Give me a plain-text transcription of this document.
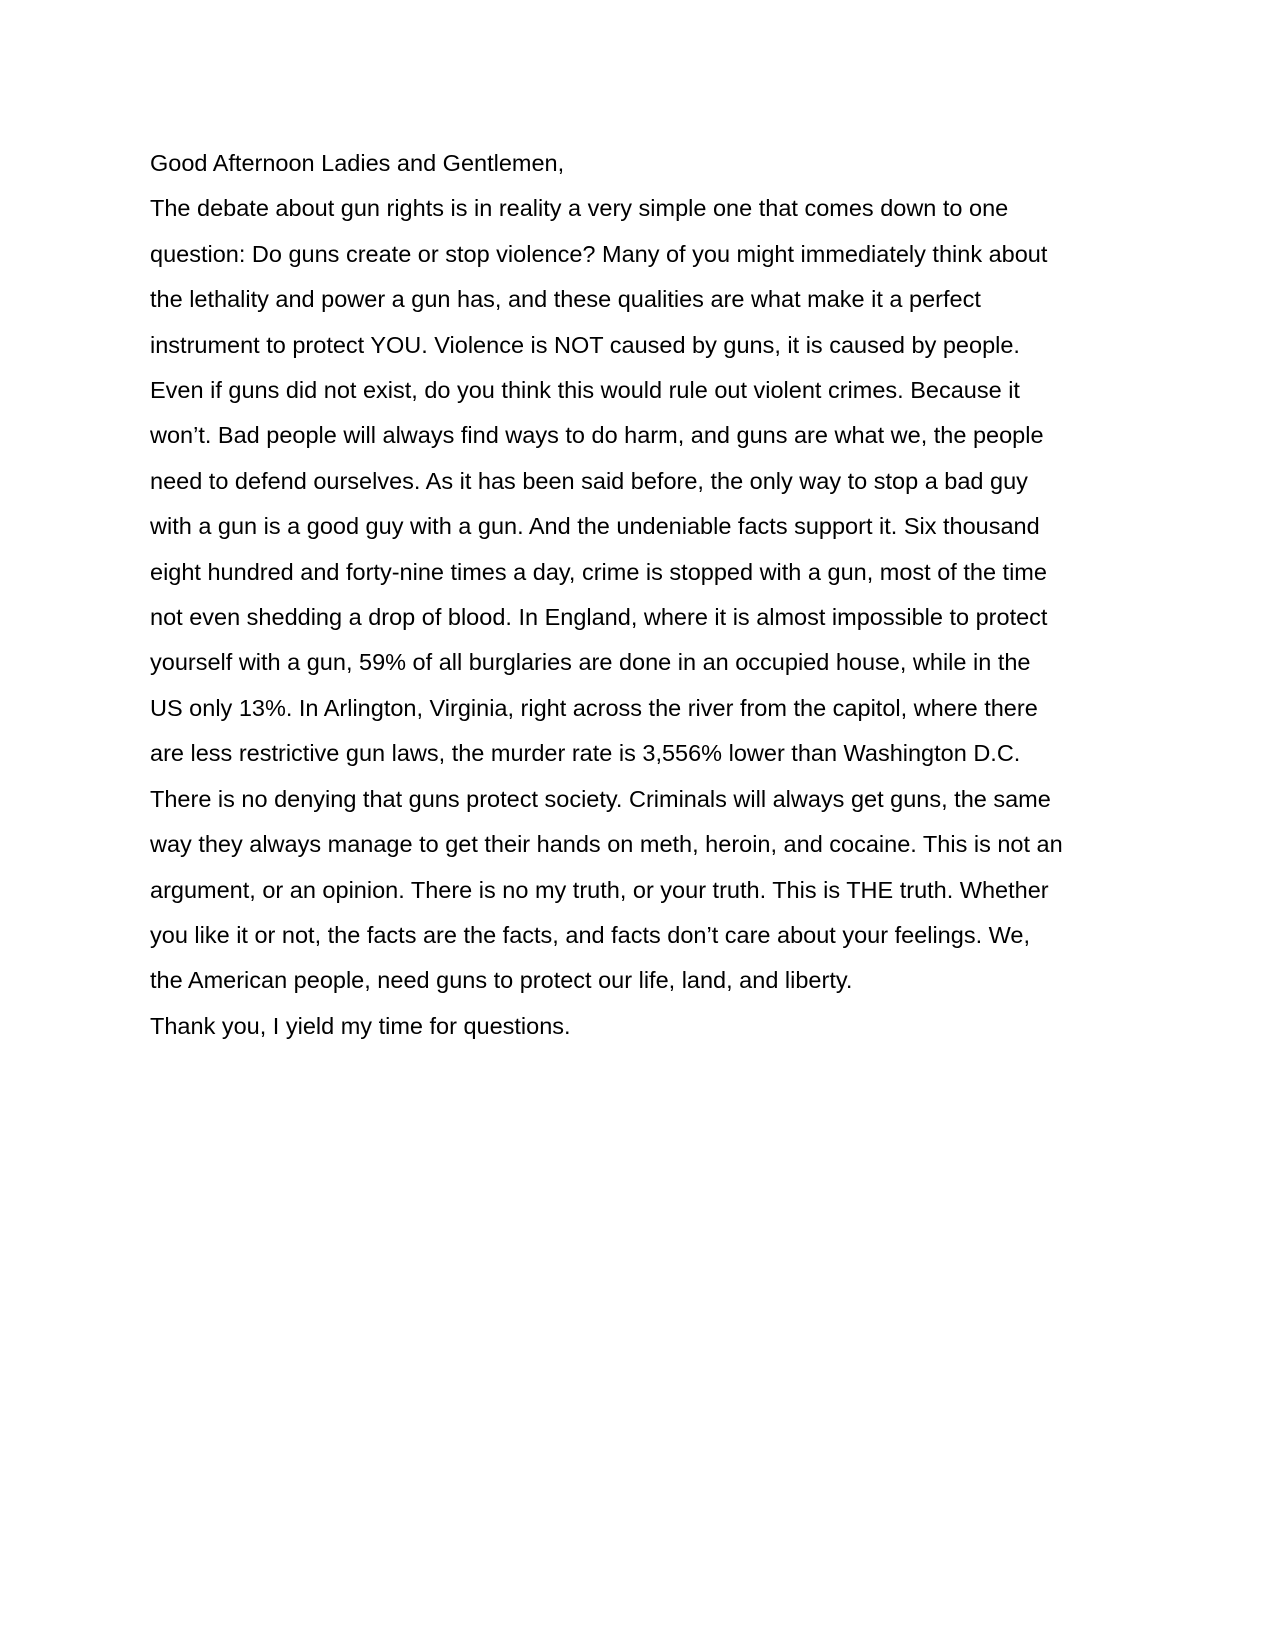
Good Afternoon Ladies and Gentlemen,
The debate about gun rights is in reality a very simple one that comes down to one
question: Do guns create or stop violence? Many of you might immediately think about
the lethality and power a gun has, and these qualities are what make it a perfect
instrument to protect YOU. Violence is NOT caused by guns, it is caused by people.
Even if guns did not exist, do you think this would rule out violent crimes. Because it
won’t. Bad people will always find ways to do harm, and guns are what we, the people
need to defend ourselves. As it has been said before, the only way to stop a bad guy
with a gun is a good guy with a gun. And the undeniable facts support it. Six thousand
eight hundred and forty-nine times a day, crime is stopped with a gun, most of the time
not even shedding a drop of blood. In England, where it is almost impossible to protect
yourself with a gun, 59% of all burglaries are done in an occupied house, while in the
US only 13%. In Arlington, Virginia, right across the river from the capitol, where there
are less restrictive gun laws, the murder rate is 3,556% lower than Washington D.C.
There is no denying that guns protect society. Criminals will always get guns, the same
way they always manage to get their hands on meth, heroin, and cocaine. This is not an
argument, or an opinion. There is no my truth, or your truth. This is THE truth. Whether
you like it or not, the facts are the facts, and facts don’t care about your feelings. We,
the American people, need guns to protect our life, land, and liberty.
Thank you, I yield my time for questions.
